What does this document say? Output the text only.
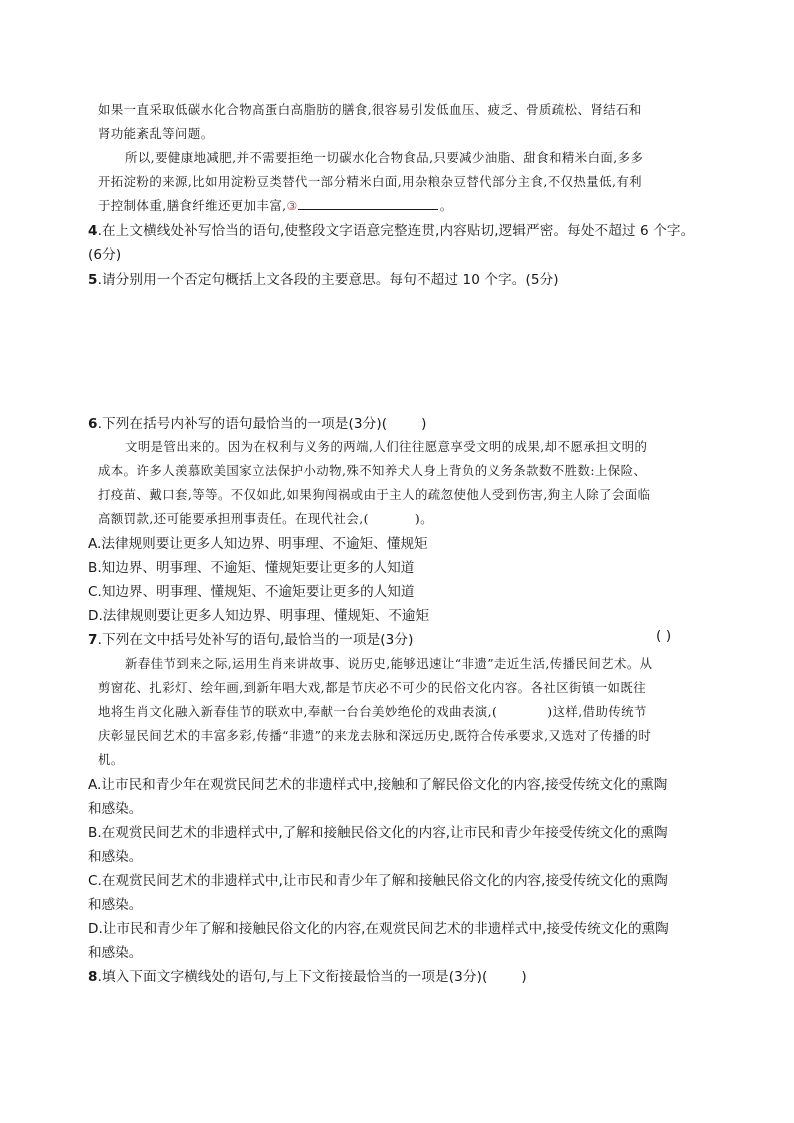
如果一直采取低碳水化合物高蛋白高脂肪的膳食,很容易引发低血压、疲乏、骨质疏松、肾结石和
肾功能紊乱等问题。
所以,要健康地减肥,并不需要拒绝一切碳水化合物食品,只要减少油脂、甜食和精米白面,多多
开拓淀粉的来源,比如用淀粉豆类替代一部分精米白面,用杂粮杂豆替代部分主食,不仅热量低,有利
于控制体重,膳食纤维还更加丰富,③	。
4.在上文横线处补写恰当的语句,使整段文字语意完整连贯,内容贴切,逻辑严密。每处不超过 6 个字。
(6分)
5.请分别用一个否定句概括上文各段的主要意思。每句不超过 10 个字。(5分)
6.下列在括号内补写的语句最恰当的一项是(3分)(	)
文明是管出来的。因为在权利与义务的两端,人们往往愿意享受文明的成果,却不愿承担文明的
成本。许多人羡慕欧美国家立法保护小动物,殊不知养犬人身上背负的义务条款数不胜数:上保险、
打疫苗、戴口套,等等。不仅如此,如果狗闯祸或由于主人的疏忽使他人受到伤害,狗主人除了会面临
高额罚款,还可能要承担刑事责任。在现代社会,(	)。
A.法律规则要让更多人知边界、明事理、不逾矩、懂规矩
B.知边界、明事理、不逾矩、懂规矩要让更多的人知道
C.知边界、明事理、懂规矩、不逾矩要让更多的人知道
D.法律规则要让更多人知边界、明事理、懂规矩、不逾矩
7.下列在文中括号处补写的语句,最恰当的一项是(3分)	( )
新春佳节到来之际,运用生肖来讲故事、说历史,能够迅速让“非遗”走近生活,传播民间艺术。从
剪窗花、扎彩灯、绘年画,到新年唱大戏,都是节庆必不可少的民俗文化内容。各社区街镇一如既往
地将生肖文化融入新春佳节的联欢中,奉献一台台美妙绝伦的戏曲表演,(	)这样,借助传统节
庆彰显民间艺术的丰富多彩,传播“非遗”的来龙去脉和深远历史,既符合传承要求,又选对了传播的时
机。
A.让市民和青少年在观赏民间艺术的非遗样式中,接触和了解民俗文化的内容,接受传统文化的熏陶
和感染。
B.在观赏民间艺术的非遗样式中,了解和接触民俗文化的内容,让市民和青少年接受传统文化的熏陶
和感染。
C.在观赏民间艺术的非遗样式中,让市民和青少年了解和接触民俗文化的内容,接受传统文化的熏陶
和感染。
D.让市民和青少年了解和接触民俗文化的内容,在观赏民间艺术的非遗样式中,接受传统文化的熏陶
和感染。
8.填入下面文字横线处的语句,与上下文衔接最恰当的一项是(3分)(	)
